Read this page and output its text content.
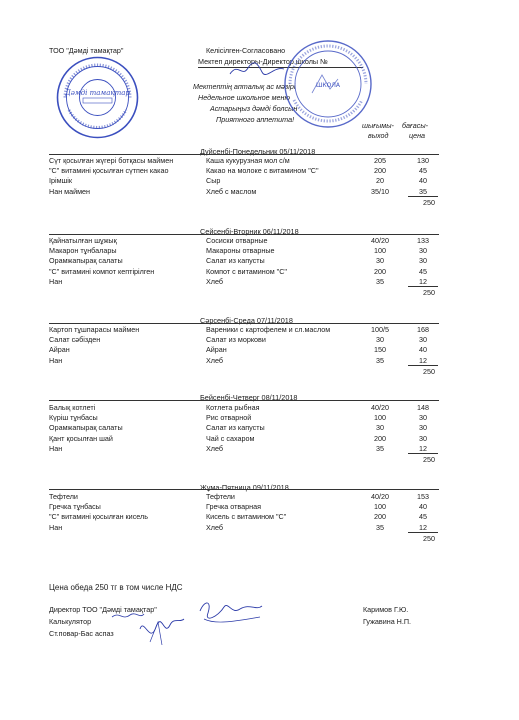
ТОО "Дәмді тамақтар"	Келісілген-Согласовано
Мектеп директоры-Директор школы №
Мектептің апталық ас мәзірі
Недельное школьное меню
Астарыңыз дәмді болсын
Приятного аппетита!
шығымы-
выход
бағасы-
цена
Дәмді тамақтар
ШКОЛА
Дүйсенбі-Понедельник 05/11/2018
Сүт қосылған жүгері ботқасы маймен	Каша кукурузная мол с/м	205	130
"С" витамині қосылған сүтпен какао	Какао на молоке с витамином "С"	200	45
Ірімшік	Сыр	20	40
Нан маймен	Хлеб с маслом	35/10	35
250
Сейсенбі-Вторник 06/11/2018
Қайнатылған шұжық	Сосиски отварные	40/20	133
Макарон тұнбалары	Макароны отварные	100	30
Орамжапырақ салаты	Салат из капусты	30	30
"С" витамині компот кептірілген	Компот с витамином "С"	200	45
Нан	Хлеб	35	12
250
Сәрсенбі-Среда 07/11/2018
Картоп тұшпарасы маймен	Вареники с картофелем и сл.маслом	100/5	168
Салат сәбізден	Салат из моркови	30	30
Айран	Айран	150	40
Нан	Хлеб	35	12
250
Бейсенбі-Четверг 08/11/2018
Балық котлеті	Котлета рыбная	40/20	148
Күріш тұнбасы	Рис отварной	100	30
Орамжапырақ салаты	Салат из капусты	30	30
Қант қосылған шай	Чай с сахаром	200	30
Нан	Хлеб	35	12
250
Жұма-Пятница 09/11/2018
Тефтели	Тефтели	40/20	153
Гречка тұнбасы	Гречка отварная	100	40
"С" витамині қосылған кисель	Кисель с витамином "С"	200	45
Нан	Хлеб	35	12
250
Цена обеда 250 тг в том числе НДС
Директор ТОО "Дәмді тамақтар"
Калькулятор
Ст.повар-Бас аспаз
Каримов Г.Ю.
Гужавина Н.П.
